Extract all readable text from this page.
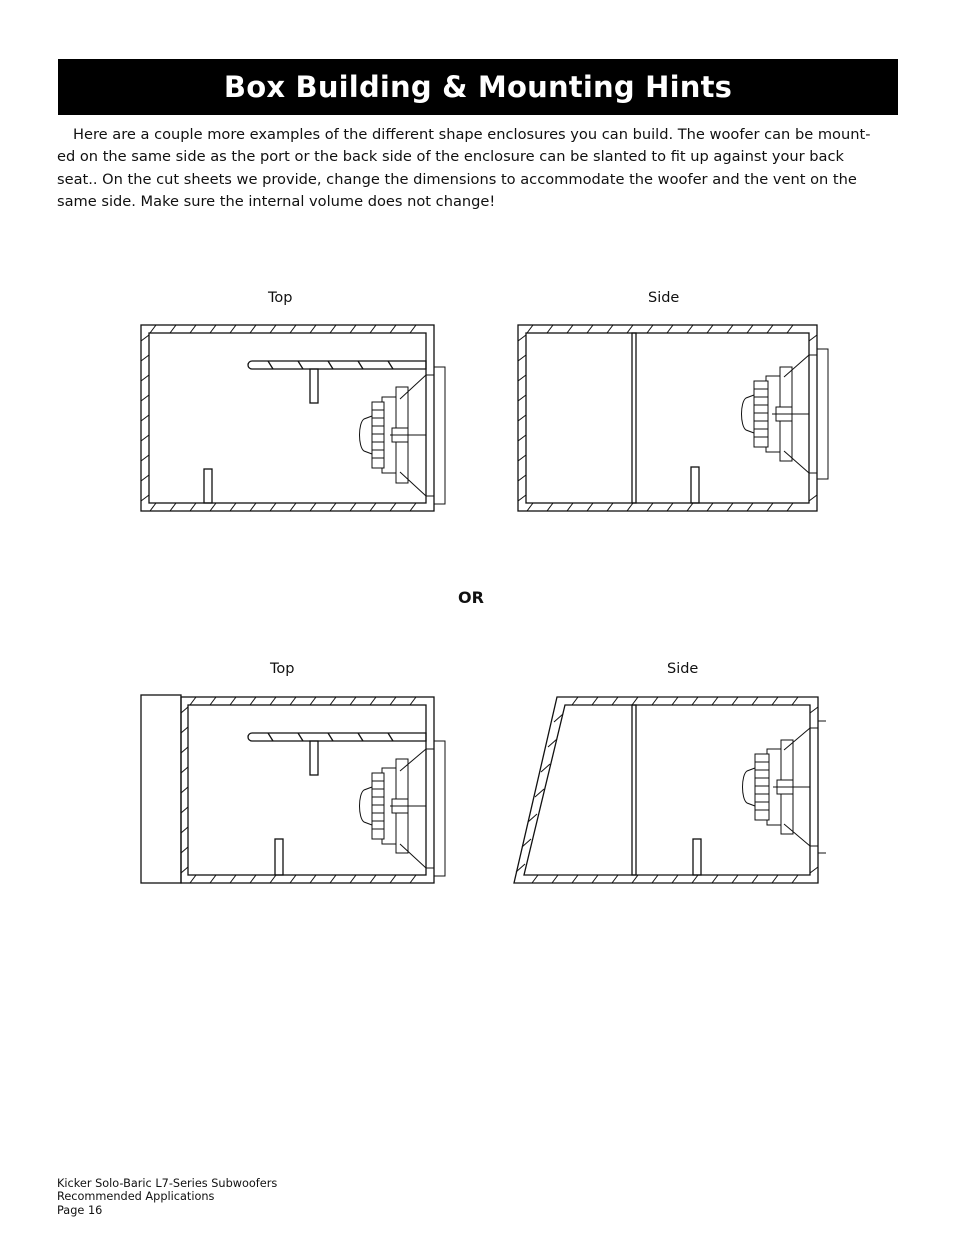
Box Building & Mounting Hints

Here are a couple more examples of the different shape enclosures you can build. The woofer can be mount-
ed on the same side as the port or the back side of the enclosure can be slanted to fit up against your back
seat.. On the cut sheets we provide, change the dimensions to accommodate the woofer and the vent on the
same side. Make sure the internal volume does not change!

Top	Side
OR
Top	Side
Kicker Solo-Baric L7-Series Subwoofers
Recommended Applications
Page 16
